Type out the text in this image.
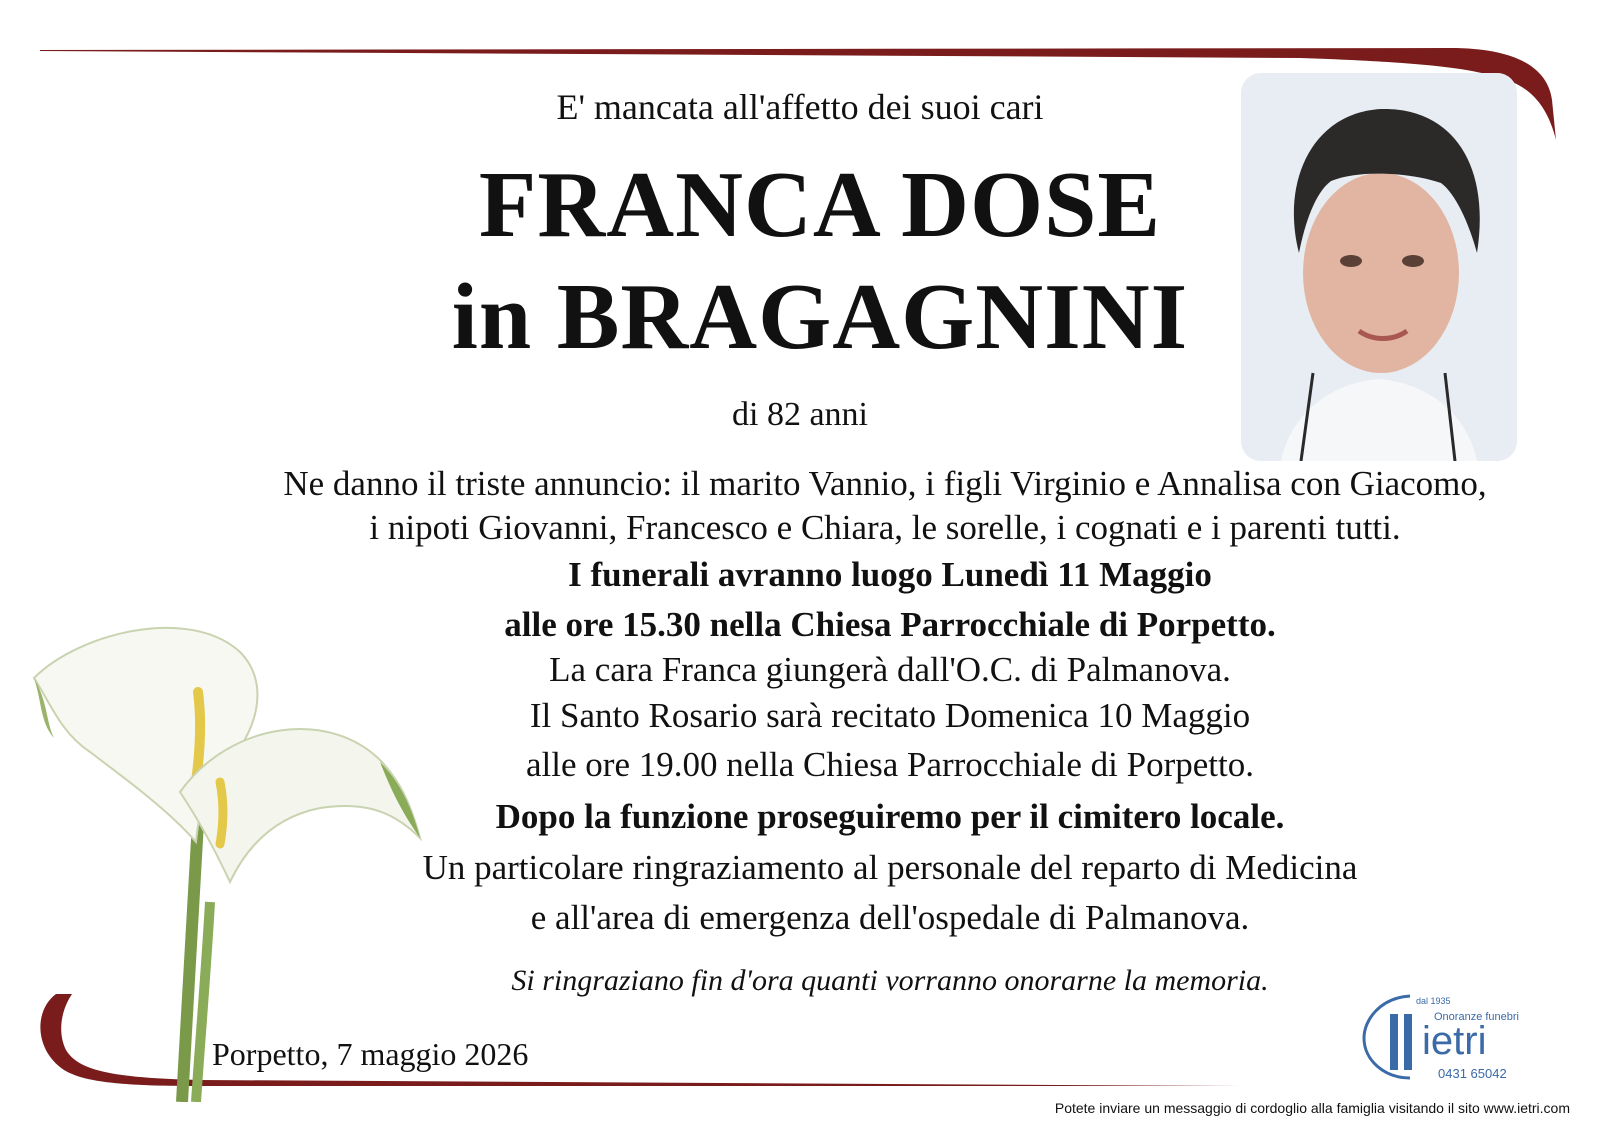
E' mancata all'affetto dei suoi cari
FRANCA DOSE
in BRAGAGNINI
di 82 anni
Ne danno il triste annuncio: il marito Vannio, i figli Virginio e Annalisa con Giacomo,
i nipoti Giovanni, Francesco e Chiara, le sorelle, i cognati e i parenti tutti.
I funerali avranno luogo Lunedì 11 Maggio
alle ore 15.30 nella Chiesa Parrocchiale di Porpetto.
La cara Franca giungerà dall'O.C. di Palmanova.
Il Santo Rosario sarà recitato Domenica 10 Maggio
alle ore 19.00 nella Chiesa Parrocchiale di Porpetto.
Dopo la funzione proseguiremo per il cimitero locale.
Un particolare ringraziamento al personale del reparto di Medicina
e all'area di emergenza dell'ospedale di Palmanova.
Si ringraziano fin d'ora quanti vorranno onorarne la memoria.
Porpetto, 7 maggio 2026
dal 1935
Onoranze funebri
ietri
0431 65042
Potete inviare un messaggio di cordoglio alla famiglia visitando il sito www.ietri.com
